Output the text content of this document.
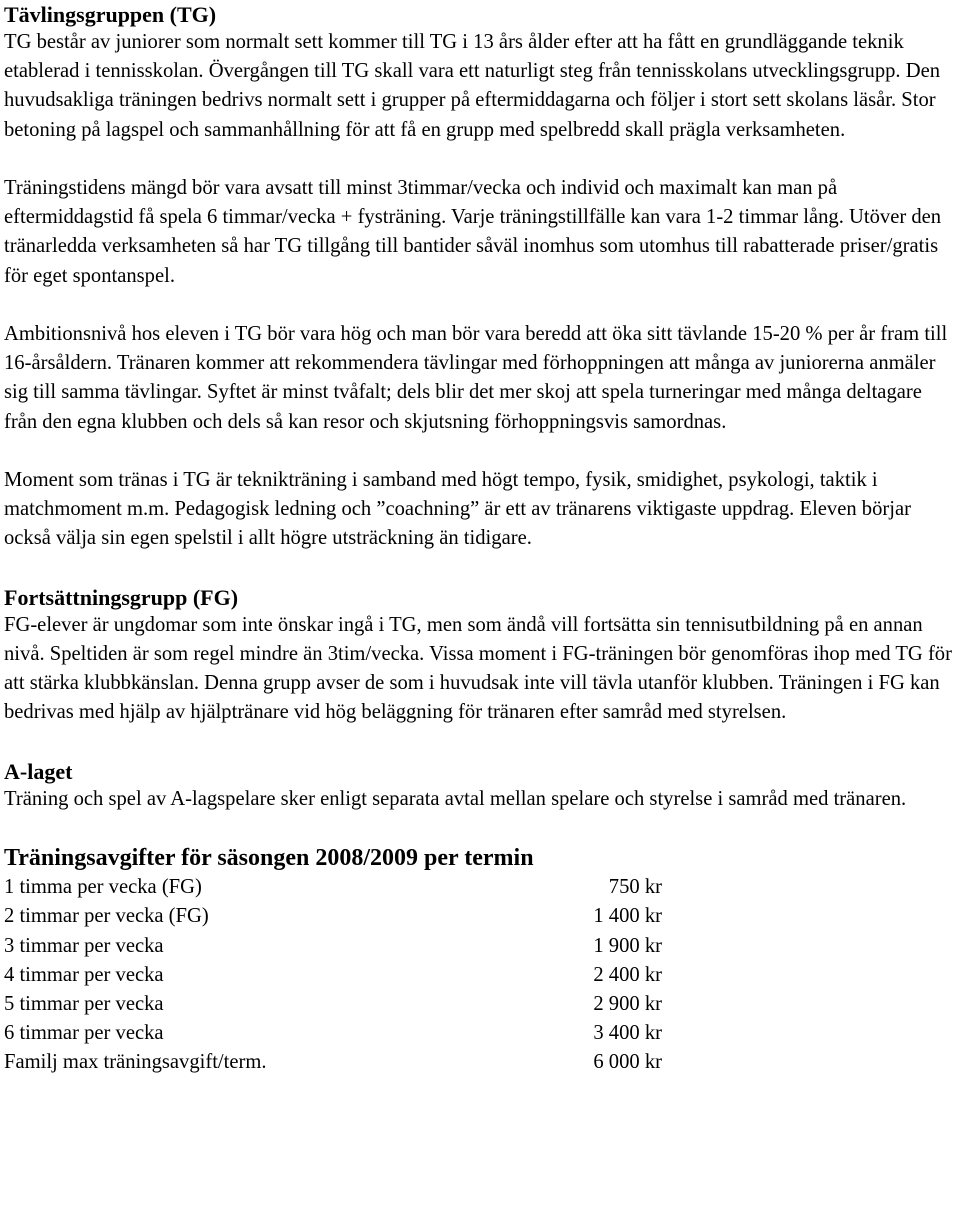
Tävlingsgruppen (TG)

TG består av juniorer som normalt sett kommer till TG i 13 års ålder efter att ha fått en grundläggande teknik etablerad i tennisskolan. Övergången till TG skall vara ett naturligt steg från tennisskolans utvecklingsgrupp. Den huvudsakliga träningen bedrivs normalt sett i grupper på eftermiddagarna och följer i stort sett skolans läsår. Stor betoning på lagspel och sammanhållning för att få en grupp med spelbredd skall prägla verksamheten.

Träningstidens mängd bör vara avsatt till minst 3timmar/vecka och individ och maximalt kan man på eftermiddagstid få spela 6 timmar/vecka + fysträning. Varje träningstillfälle kan vara 1-2 timmar lång. Utöver den tränarledda verksamheten så har TG tillgång till bantider såväl inomhus som utomhus till rabatterade priser/gratis för eget spontanspel.

Ambitionsnivå hos eleven i TG bör vara hög och man bör vara beredd att öka sitt tävlande 15-20 % per år fram till 16-årsåldern. Tränaren kommer att rekommendera tävlingar med förhoppningen att många av juniorerna anmäler sig till samma tävlingar. Syftet är minst tvåfalt; dels blir det mer skoj att spela turneringar med många deltagare från den egna klubben och dels så kan resor och skjutsning förhoppningsvis samordnas.

Moment som tränas i TG är teknikträning i samband med högt tempo, fysik, smidighet, psykologi, taktik i matchmoment m.m. Pedagogisk ledning och ”coachning” är ett av tränarens viktigaste uppdrag. Eleven börjar också välja sin egen spelstil i allt högre utsträckning än tidigare.

Fortsättningsgrupp (FG)

FG-elever är ungdomar som inte önskar ingå i TG, men som ändå vill fortsätta sin tennisutbildning på en annan nivå. Speltiden är som regel mindre än 3tim/vecka. Vissa moment i FG-träningen bör genomföras ihop med TG för att stärka klubbkänslan. Denna grupp avser de som i huvudsak inte vill tävla utanför klubben. Träningen i FG kan bedrivas med hjälp av hjälptränare vid hög beläggning för tränaren efter samråd med styrelsen.

A-laget

Träning och spel av A-lagspelare sker enligt separata avtal mellan spelare och styrelse i samråd med tränaren.

Träningsavgifter för säsongen 2008/2009 per termin
1 timma per vecka (FG)	750 kr
2 timmar per vecka (FG)	1 400 kr
3 timmar per vecka	1 900 kr
4 timmar per vecka	2 400 kr
5 timmar per vecka	2 900 kr
6 timmar per vecka	3 400 kr
Familj max träningsavgift/term.	6 000 kr
